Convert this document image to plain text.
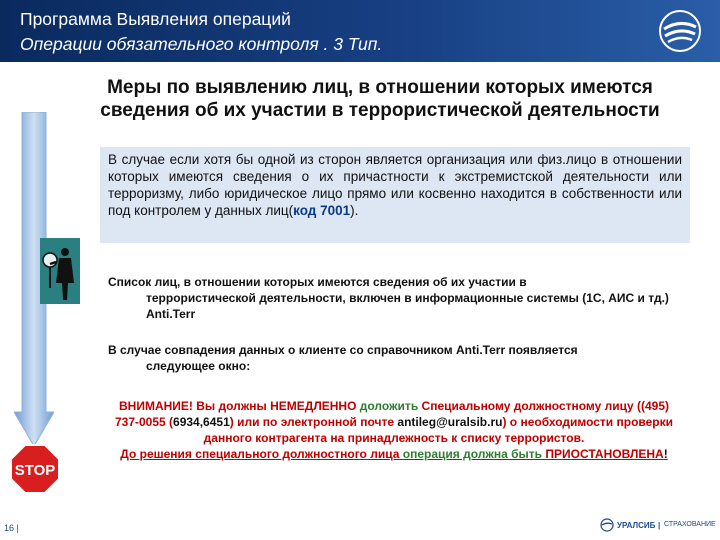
Программа Выявления операций
Операции обязательного контроля . 3 Тип.
Меры по выявлению лиц, в отношении которых имеются
сведения об их участии в террористической деятельности
В случае если хотя бы одной из сторон является организация или физ.лицо в отношении которых имеются сведения о их причастности к экстремистской деятельности или терроризму, либо юридическое лицо прямо или косвенно находится в собственности или под контролем у данных лиц(код 7001).
Список лиц, в отношении которых имеются сведения об их участии в
террористической деятельности, включен в информационные системы (1С, АИС и тд.) Anti.Terr
В случае совпадения данных о клиенте со справочником Anti.Terr появляется
следующее окно:
ВНИМАНИЕ! Вы должны НЕМЕДЛЕННО доложить Специальному должностному лицу ((495) 737-0055 (6934,6451) или по электронной почте antileg@uralsib.ru) о необходимости проверки данного контрагента на принадлежность к списку террористов.
До решения специального должностного лица операция должна быть ПРИОСТАНОВЛЕНА!
STOP
16 |	УРАЛСИБ | СТРАХОВАНИЕ
